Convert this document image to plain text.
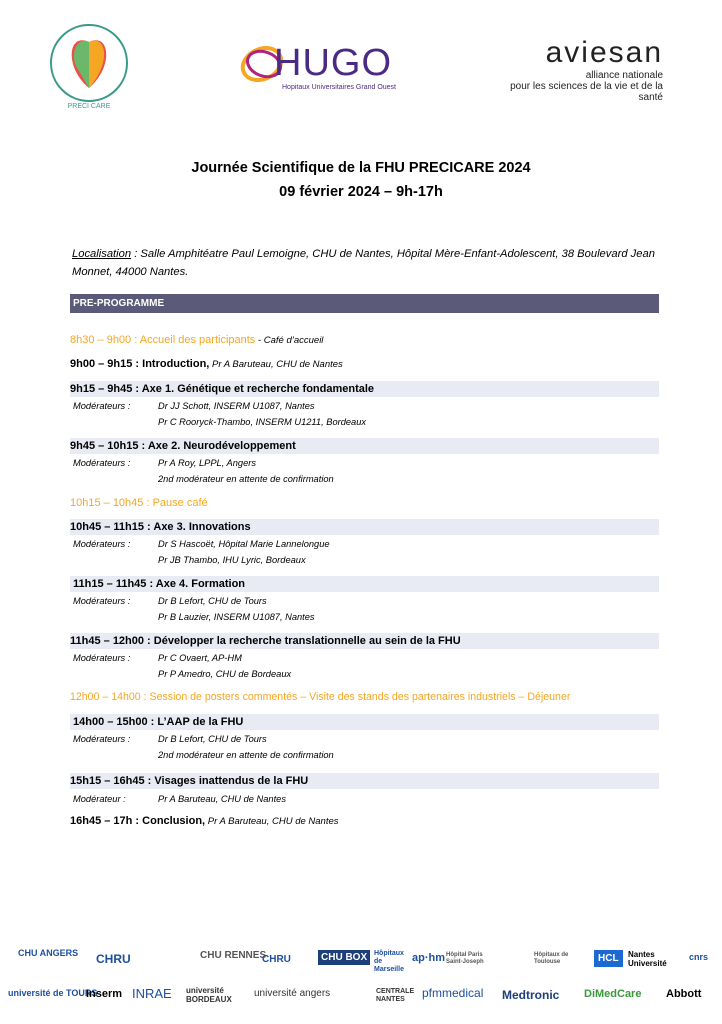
PRECI CARE
HUGO
Hopitaux Universitaires Grand Ouest
aviesan
alliance nationale
pour les sciences de la vie et de la santé
Journée Scientifique de la FHU PRECICARE 2024
09 février 2024 – 9h-17h
Localisation : Salle Amphitéatre Paul Lemoigne, CHU de Nantes, Hôpital Mère-Enfant-Adolescent, 38 Boulevard Jean Monnet, 44000 Nantes.
PRE-PROGRAMME
8h30 – 9h00 : Accueil des participants - Café d’accueil
9h00 – 9h15 : Introduction, Pr A Baruteau, CHU de Nantes
9h15 – 9h45 : Axe 1. Génétique et recherche fondamentale
Modérateurs :	Dr JJ Schott, INSERM U1087, Nantes
Pr C Rooryck-Thambo, INSERM U1211, Bordeaux
9h45 – 10h15 : Axe 2. Neurodéveloppement
Modérateurs :	Pr A Roy, LPPL, Angers
2nd modérateur en attente de confirmation
10h15 – 10h45 : Pause café
10h45 – 11h15 : Axe 3. Innovations
Modérateurs :	Dr S Hascoët, Hôpital Marie Lannelongue
Pr JB Thambo, IHU Lyric, Bordeaux
11h15 – 11h45 : Axe 4. Formation
Modérateurs :	Dr B Lefort, CHU de Tours
Pr B Lauzier, INSERM U1087, Nantes
11h45 – 12h00 : Développer la recherche translationnelle au sein de la FHU
Modérateurs :	Pr C Ovaert, AP-HM
Pr P Amedro, CHU de Bordeaux
12h00 – 14h00 : Session de posters commentés – Visite des stands des partenaires industriels – Déjeuner
14h00 – 15h00 : L’AAP de la FHU
Modérateurs :	Dr B Lefort, CHU de Tours
2nd modérateur en attente de confirmation
15h15 – 16h45 : Visages inattendus de la FHU
Modérateur :	Pr A Baruteau, CHU de Nantes
16h45 – 17h : Conclusion, Pr A Baruteau, CHU de Nantes
CHU ANGERS CHRU	CHU RENNES
CHRU	CHU BOX Hôpitaux de Marseille
ap·hm Hôpital Paris Saint-Joseph
Hôpitaux de Toulouse	HCL	Nantes Université
cnrs
université de TOURS
Inserm INRAE université BORDEAUX
université angers	CENTRALE NANTES	pfmmedical Medtronic DiMedCare Abbott
